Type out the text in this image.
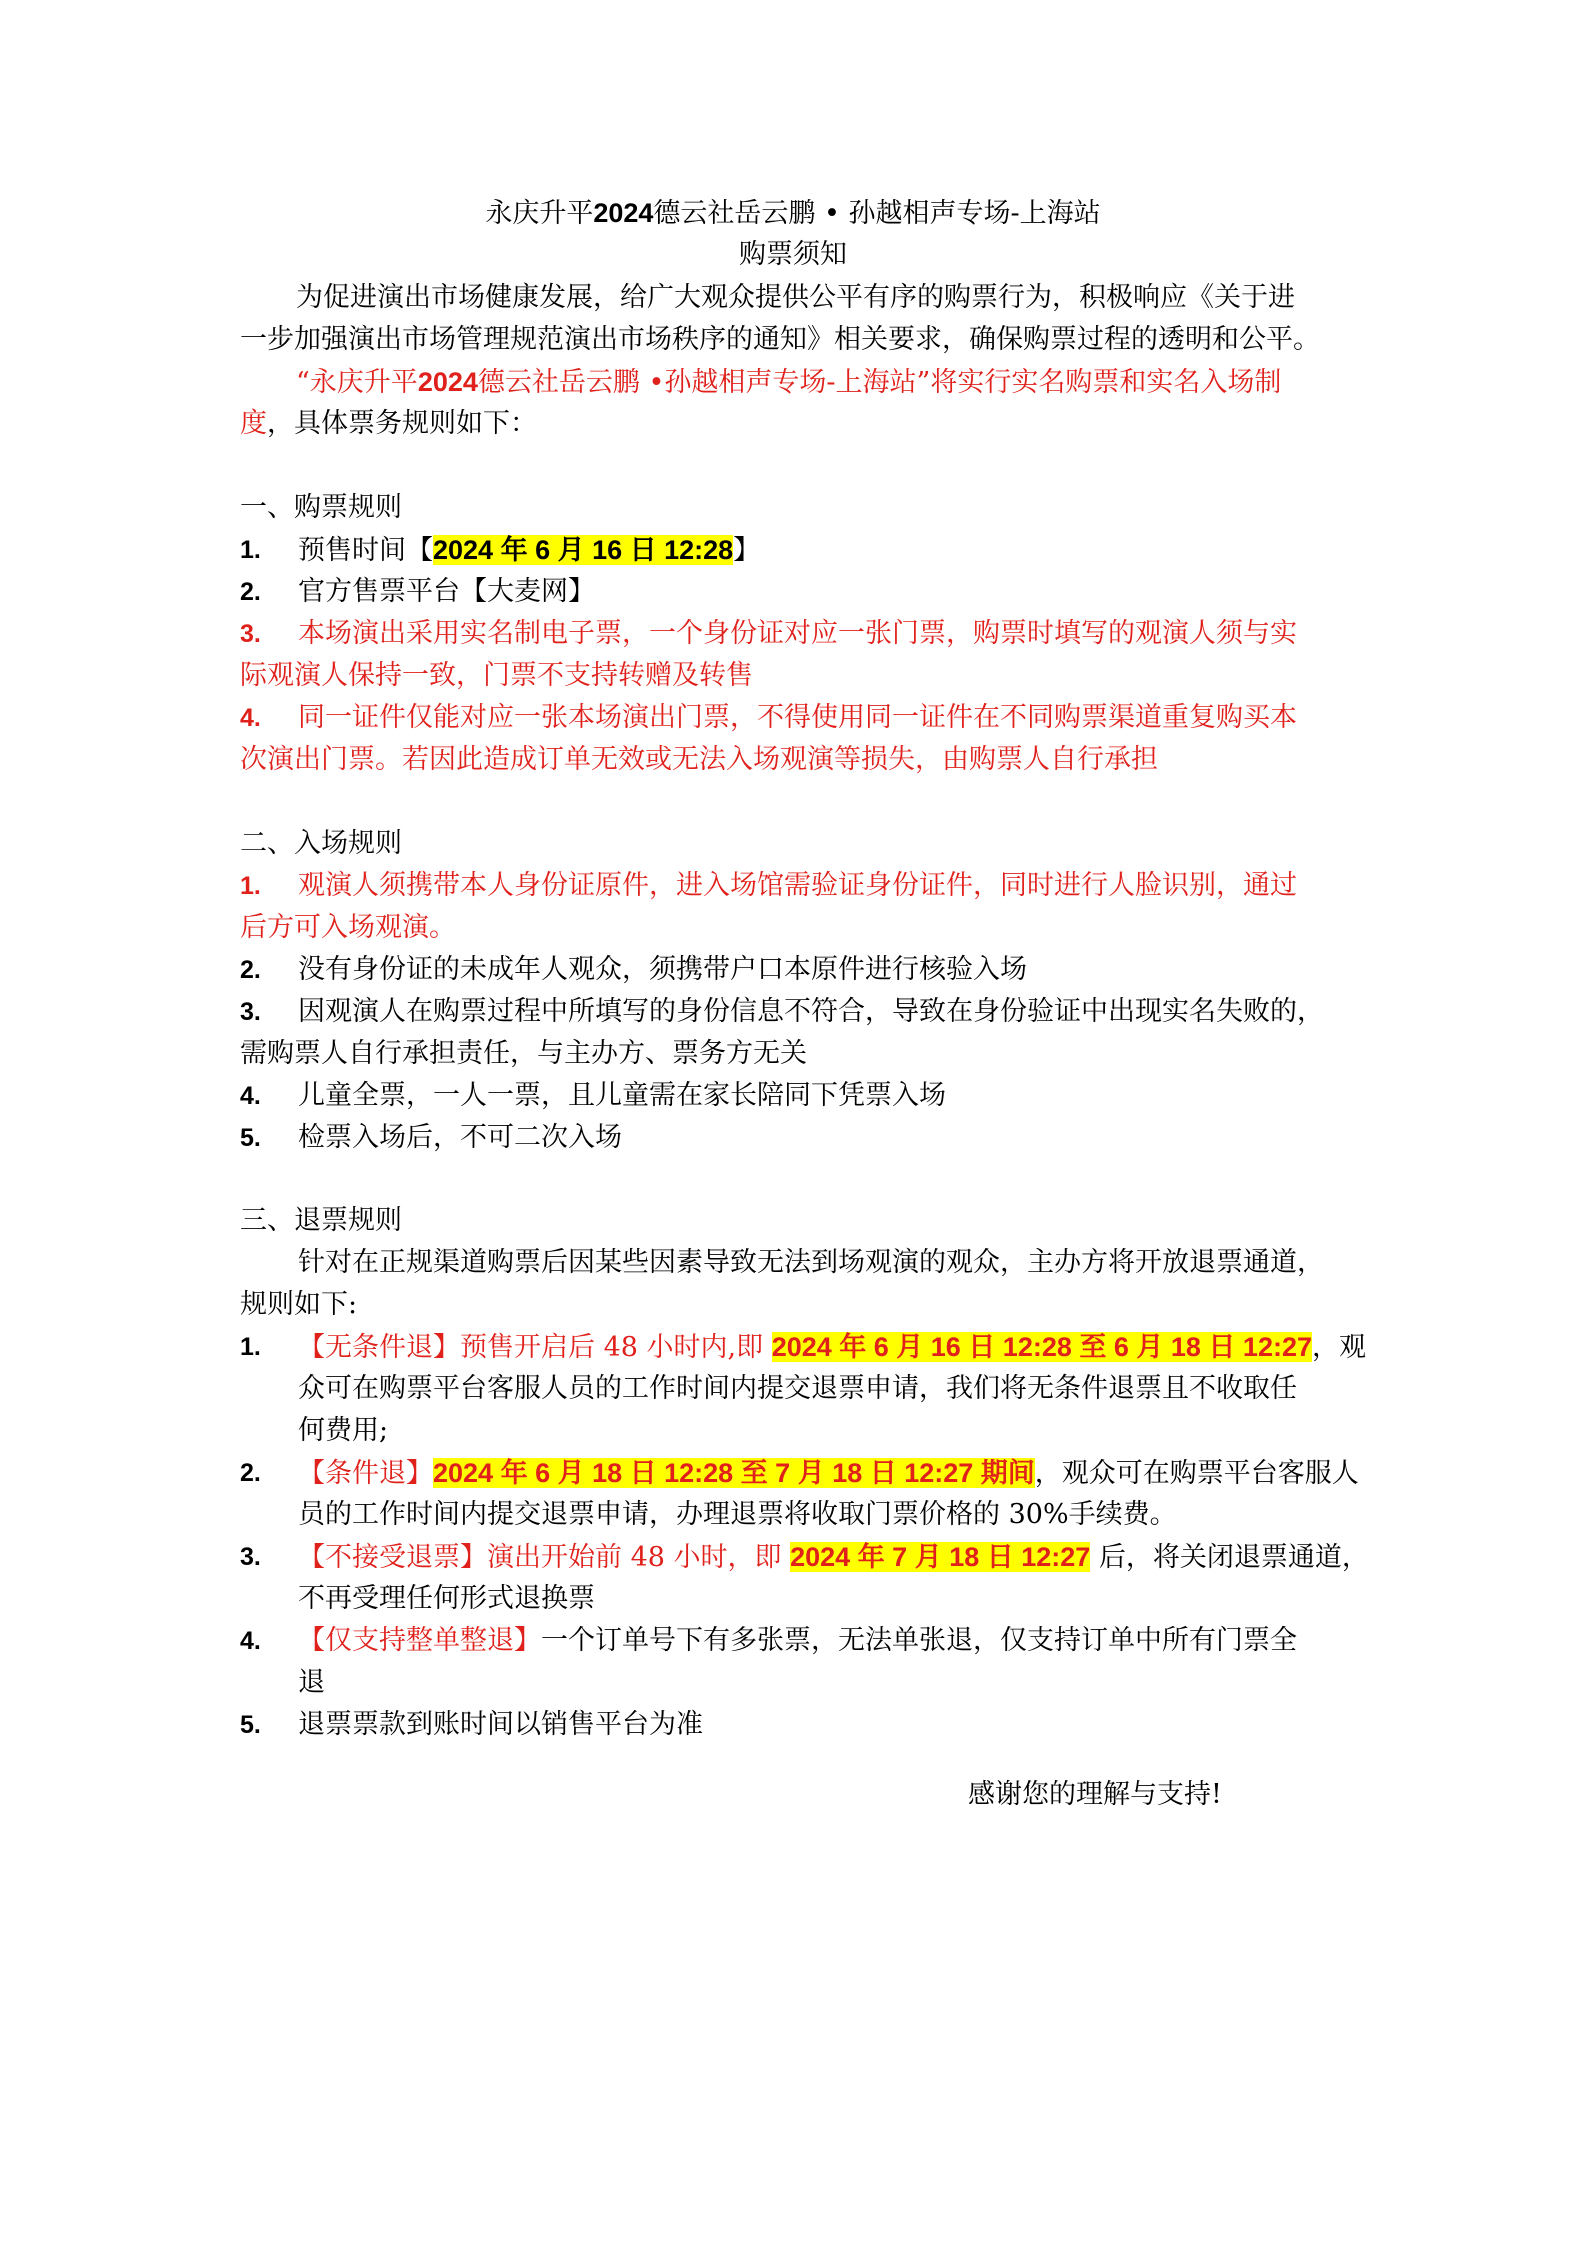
永庆升平2024德云社岳云鹏 • 孙越相声专场-上海站
购票须知
为促进演出市场健康发展，给广大观众提供公平有序的购票行为，积极响应《关于进
一步加强演出市场管理规范演出市场秩序的通知》相关要求，确保购票过程的透明和公平。
“永庆升平2024德云社岳云鹏 •孙越相声专场-上海站”将实行实名购票和实名入场制
度，具体票务规则如下：
一、购票规则
1. 预售时间【2024 年 6 月 16 日 12:28】
2. 官方售票平台【大麦网】
3. 本场演出采用实名制电子票，一个身份证对应一张门票，购票时填写的观演人须与实
际观演人保持一致，门票不支持转赠及转售
4. 同一证件仅能对应一张本场演出门票，不得使用同一证件在不同购票渠道重复购买本
次演出门票。若因此造成订单无效或无法入场观演等损失，由购票人自行承担
二、入场规则
1. 观演人须携带本人身份证原件，进入场馆需验证身份证件，同时进行人脸识别，通过
后方可入场观演。
2. 没有身份证的未成年人观众，须携带户口本原件进行核验入场
3. 因观演人在购票过程中所填写的身份信息不符合，导致在身份验证中出现实名失败的，
需购票人自行承担责任，与主办方、票务方无关
4. 儿童全票，一人一票，且儿童需在家长陪同下凭票入场
5. 检票入场后，不可二次入场
三、退票规则
针对在正规渠道购票后因某些因素导致无法到场观演的观众，主办方将开放退票通道，
规则如下:
1. 【无条件退】预售开启后 48 小时内,即 2024 年 6 月 16 日 12:28 至 6 月 18 日 12:27，观
众可在购票平台客服人员的工作时间内提交退票申请，我们将无条件退票且不收取任
何费用;
2. 【条件退】2024 年 6 月 18 日 12:28 至 7 月 18 日 12:27 期间，观众可在购票平台客服人
员的工作时间内提交退票申请，办理退票将收取门票价格的 30%手续费。
3. 【不接受退票】演出开始前 48 小时，即 2024 年 7 月 18 日 12:27 后，将关闭退票通道，
不再受理任何形式退换票
4. 【仅支持整单整退】一个订单号下有多张票，无法单张退，仅支持订单中所有门票全
退
5. 退票票款到账时间以销售平台为准
感谢您的理解与支持!
